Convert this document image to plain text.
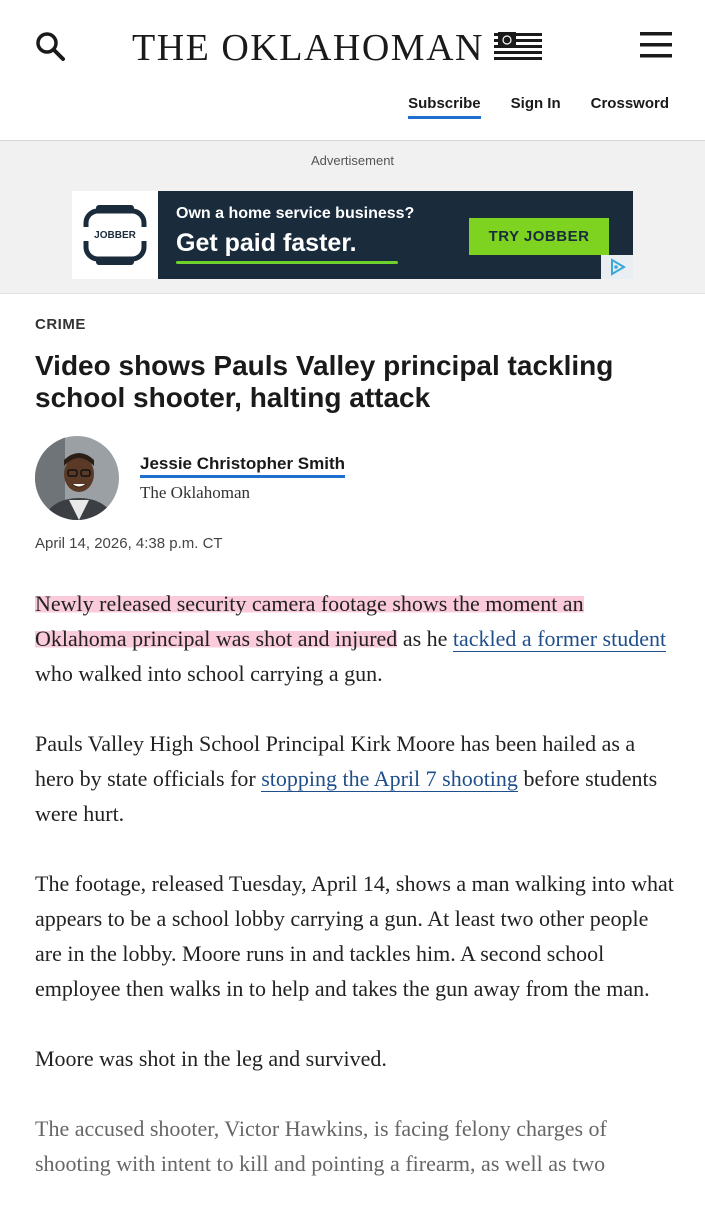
THE OKLAHOMAN
Subscribe Sign In Crossword
Advertisement
JOBBER
Own a home service business?
Get paid faster.	TRY JOBBER
CRIME
Video shows Pauls Valley principal tackling school shooter, halting attack
Jessie Christopher Smith
The Oklahoman
April 14, 2026, 4:38 p.m. CT

Newly released security camera footage shows the moment an Oklahoma principal was shot and injured as he tackled a former student who walked into school carrying a gun.

Pauls Valley High School Principal Kirk Moore has been hailed as a hero by state officials for stopping the April 7 shooting before students were hurt.

The footage, released Tuesday, April 14, shows a man walking into what appears to be a school lobby carrying a gun. At least two other people are in the lobby. Moore runs in and tackles him. A second school employee then walks in to help and takes the gun away from the man.

Moore was shot in the leg and survived.

The accused shooter, Victor Hawkins, is facing felony charges of shooting with intent to kill and pointing a firearm, as well as two
